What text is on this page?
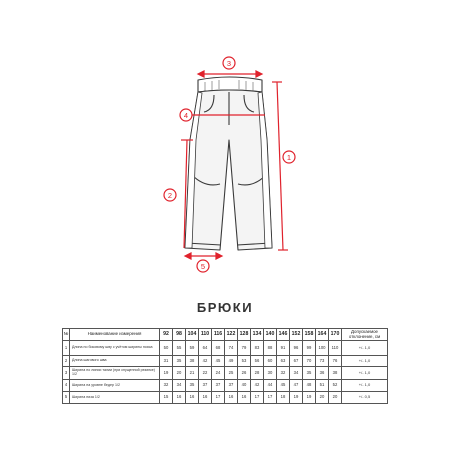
1
2
3
4
5
БРЮКИ
№	Наименование измерения	92	98	104	110	116	122	128	134	140	146	152	158	164	170	Допускаемое отклонение, см
1	Длина по боковому шву с учётом ширины пояса	50	55	59	64	68	74	79	83	88	91	96	99	100	110	+/- 1,0
2	Длина шагового шва	31	35	38	42	45	49	53	56	60	63	67	70	73	76	+/- 1,0
3	Ширина по линии талии (при спущенной резинке) 1/2	19	20	21	22	24	25	26	28	30	32	34	35	36	38	+/- 1,0
4	Ширина на уровне бедер 1/2	32	34	35	37	37	37	40	42	44	45	47	48	51	52	+/- 1,0
5	Ширина низа 1/2	15	16	16	16	17	16	16	17	17	18	19	19	20	20	+/- 0,5
